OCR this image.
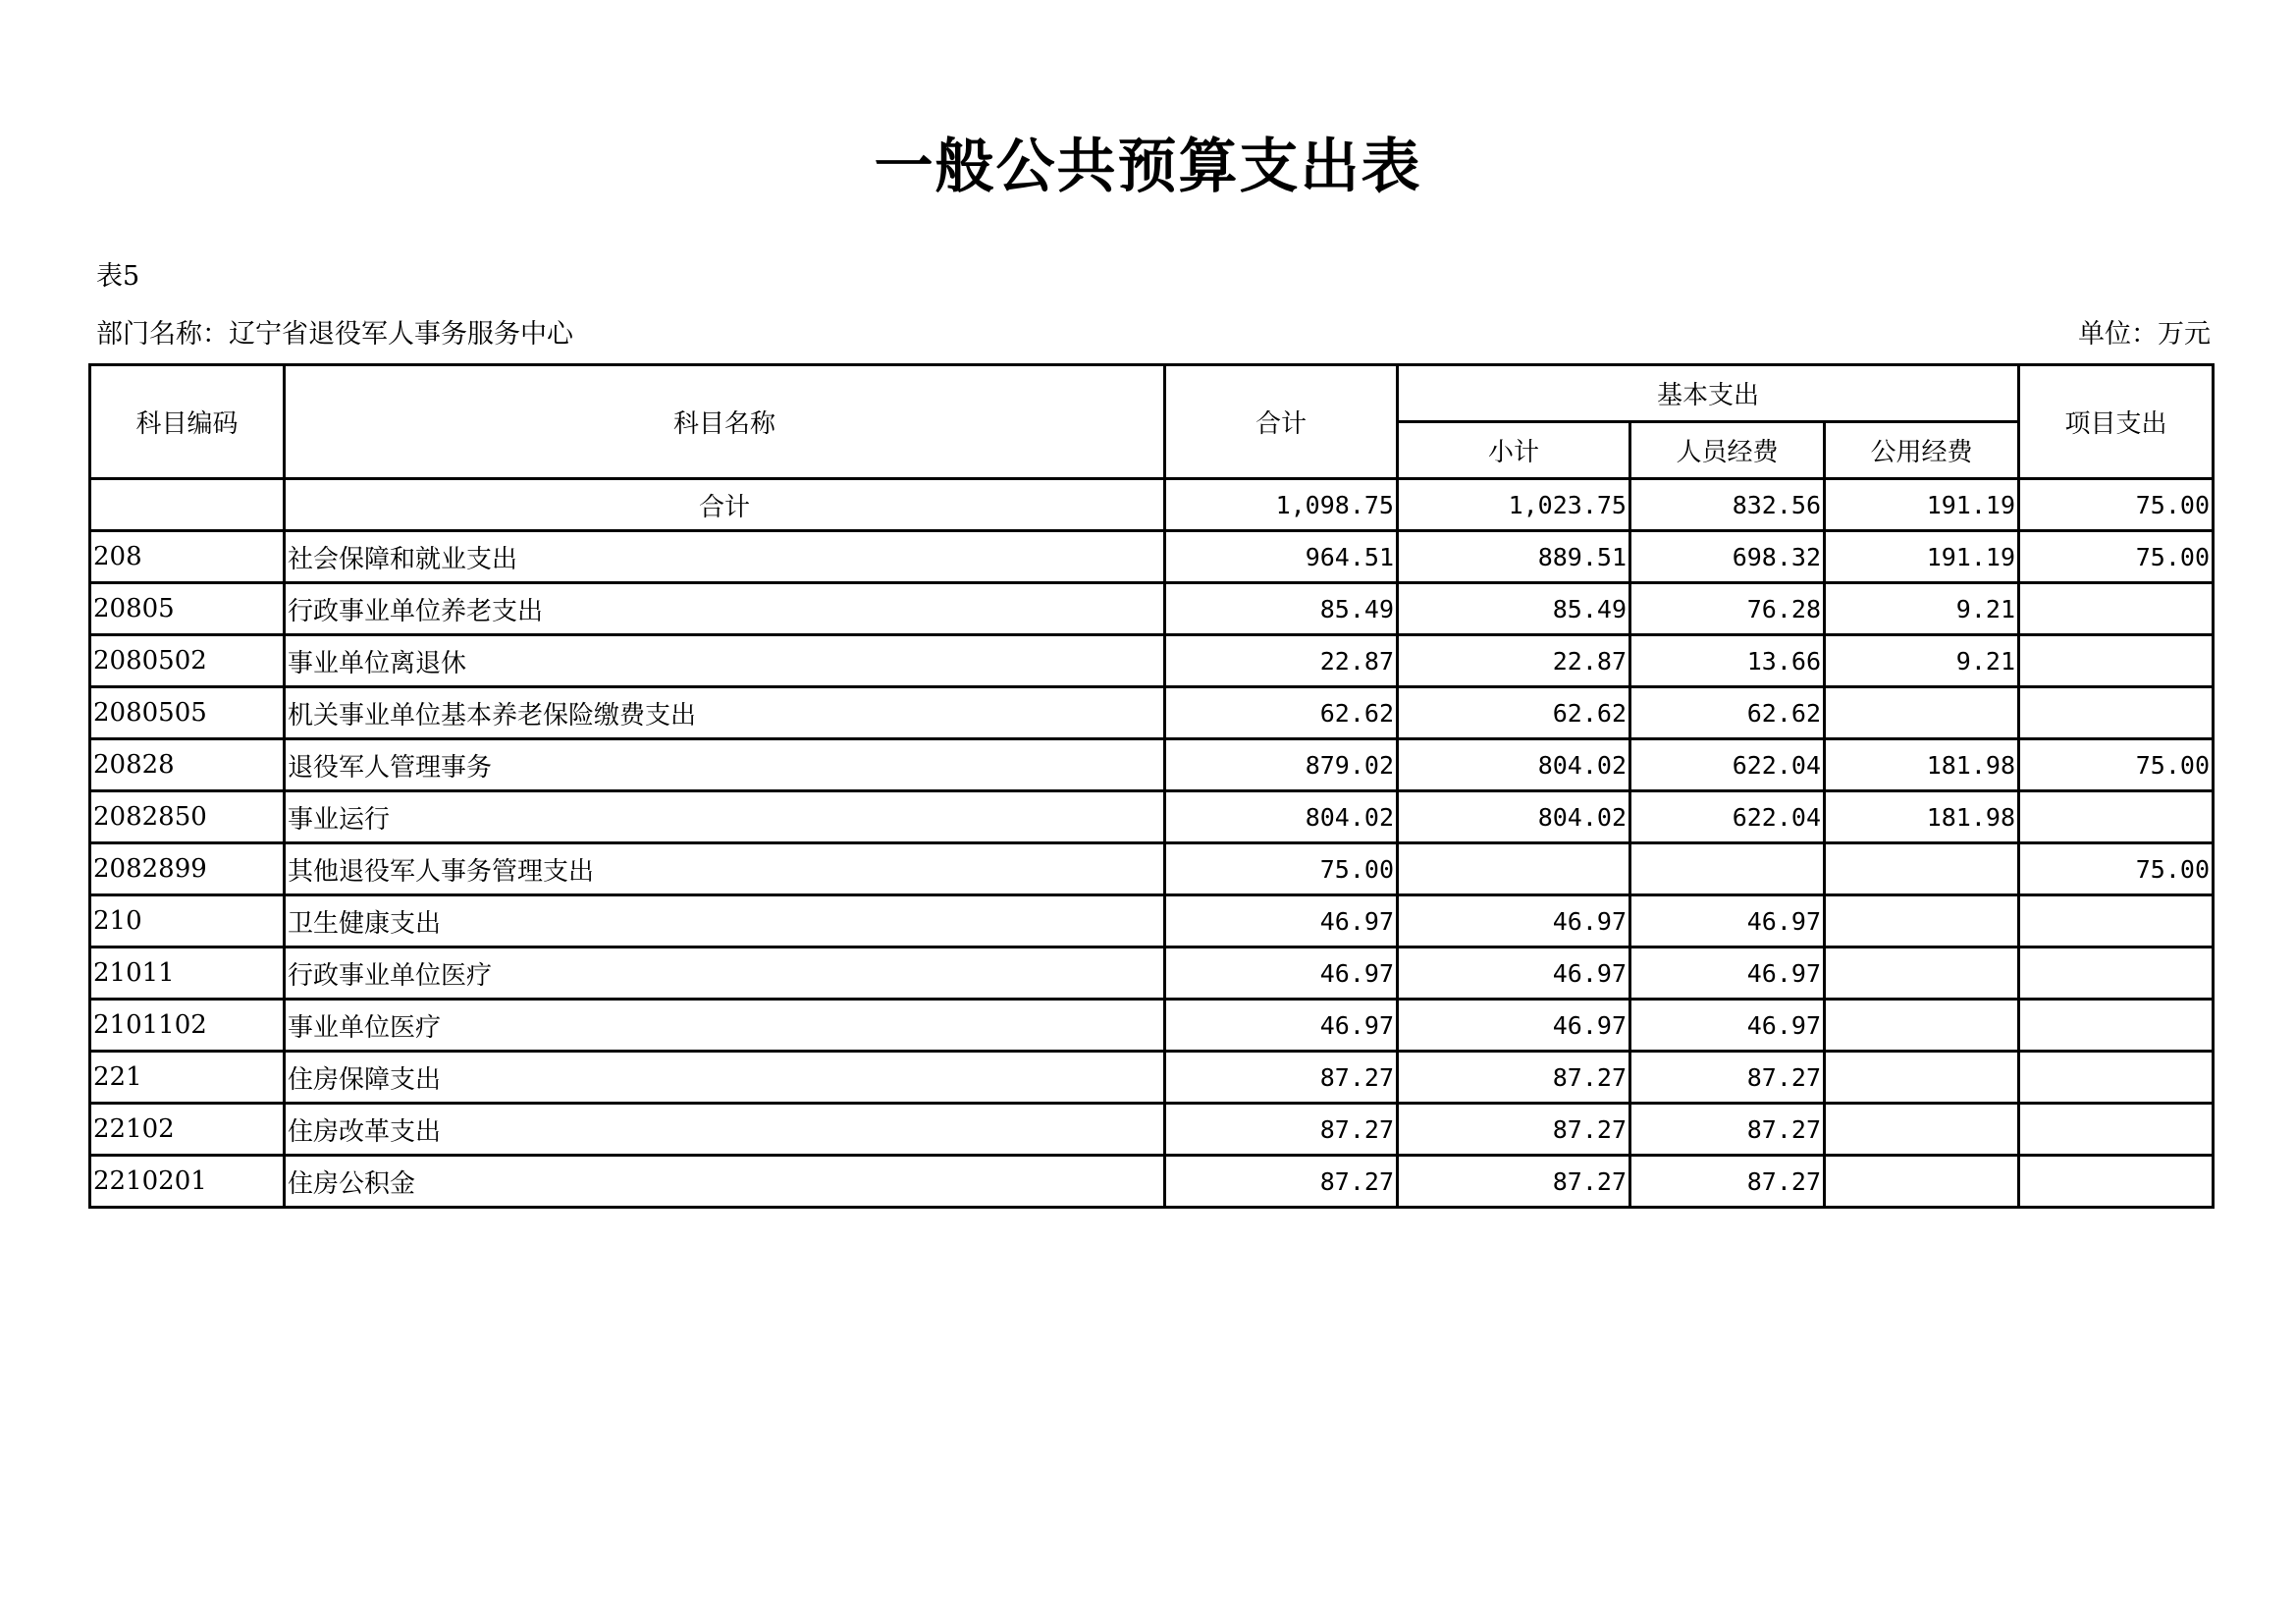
一般公共预算支出表
表5
部门名称：辽宁省退役军人事务服务中心	单位：万元
科目编码	科目名称	合计	基本支出			项目支出
			小计	人员经费	公用经费	
	合计	1,098.75	1,023.75	832.56	191.19	75.00
208	社会保障和就业支出	964.51	889.51	698.32	191.19	75.00
20805	行政事业单位养老支出	85.49	85.49	76.28	9.21	
2080502	事业单位离退休	22.87	22.87	13.66	9.21	
2080505	机关事业单位基本养老保险缴费支出	62.62	62.62	62.62		
20828	退役军人管理事务	879.02	804.02	622.04	181.98	75.00
2082850	事业运行	804.02	804.02	622.04	181.98	
2082899	其他退役军人事务管理支出	75.00				75.00
210	卫生健康支出	46.97	46.97	46.97		
21011	行政事业单位医疗	46.97	46.97	46.97		
2101102	事业单位医疗	46.97	46.97	46.97		
221	住房保障支出	87.27	87.27	87.27		
22102	住房改革支出	87.27	87.27	87.27		
2210201	住房公积金	87.27	87.27	87.27		
